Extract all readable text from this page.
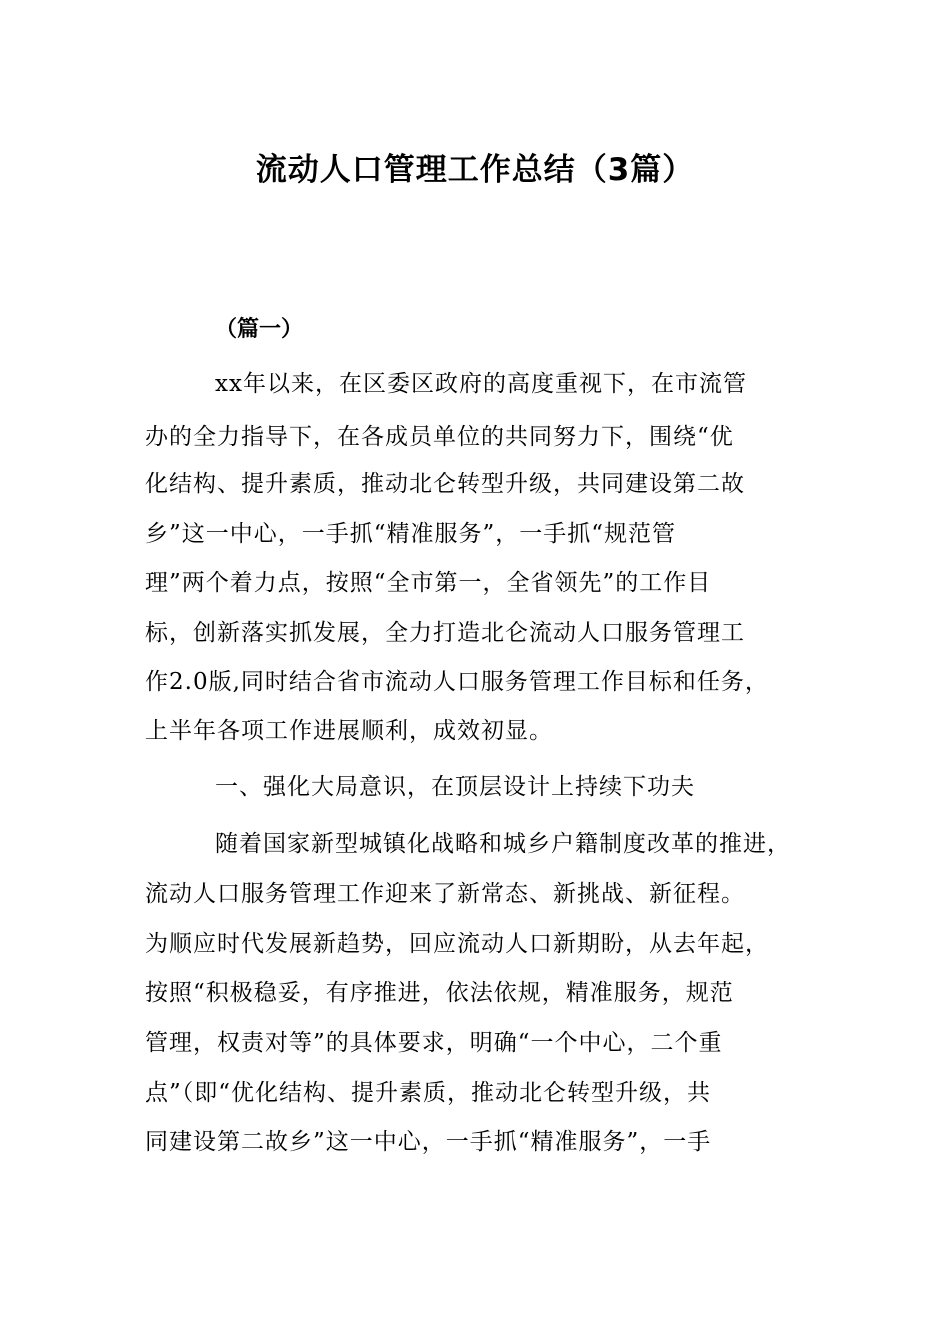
流动人口管理工作总结（3篇）
（篇一）
xx年以来，在区委区政府的高度重视下，在市流管
办的全力指导下，在各成员单位的共同努力下，围绕“优
化结构、提升素质，推动北仑转型升级，共同建设第二故
乡”这一中心，一手抓“精准服务”，一手抓“规范管
理”两个着力点，按照“全市第一，全省领先”的工作目
标，创新落实抓发展，全力打造北仑流动人口服务管理工
作2.0版,同时结合省市流动人口服务管理工作目标和任务，
上半年各项工作进展顺利，成效初显。
一、强化大局意识，在顶层设计上持续下功夫
随着国家新型城镇化战略和城乡户籍制度改革的推进，
流动人口服务管理工作迎来了新常态、新挑战、新征程。
为顺应时代发展新趋势，回应流动人口新期盼，从去年起，
按照“积极稳妥，有序推进，依法依规，精准服务，规范
管理，权责对等”的具体要求，明确“一个中心，二个重
点”（即“优化结构、提升素质，推动北仑转型升级，共
同建设第二故乡”这一中心，一手抓“精准服务”，一手
